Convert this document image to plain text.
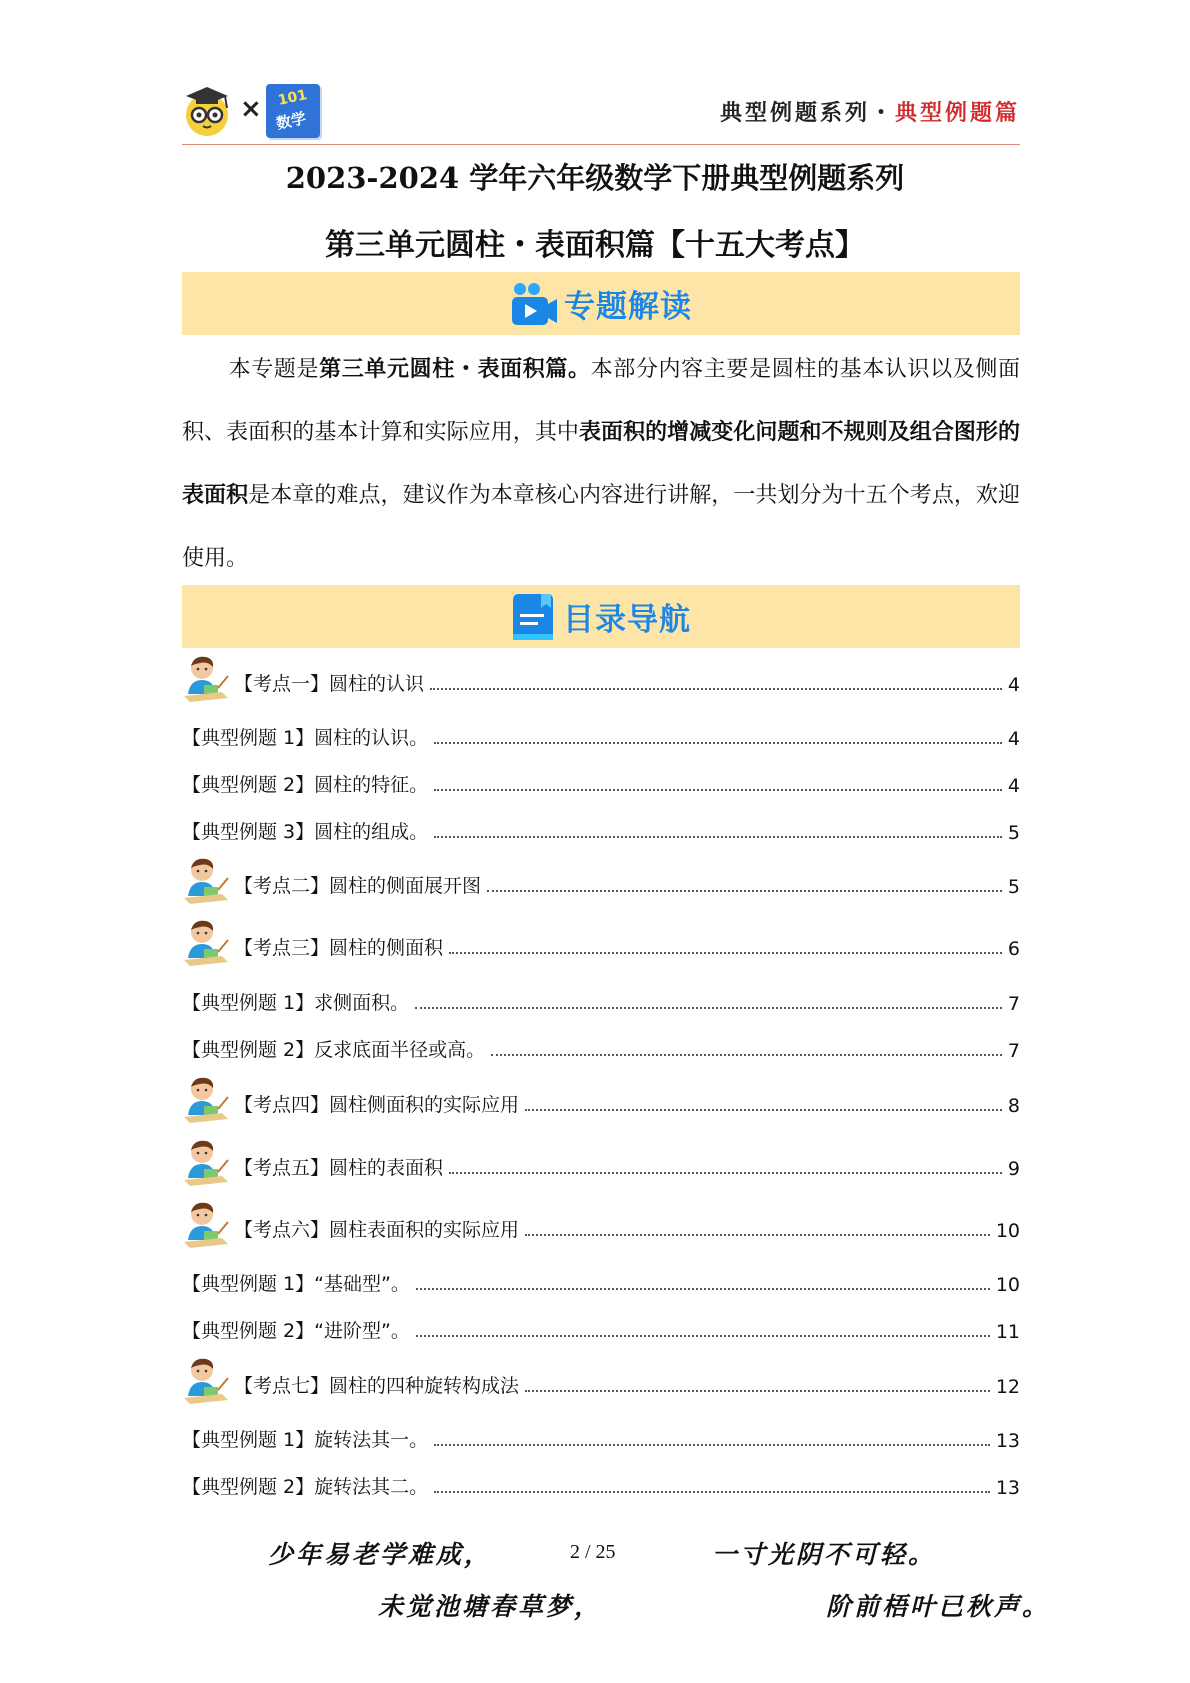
× 101
数学	典型例题系列・典型例题篇
2023-2024 学年六年级数学下册典型例题系列
第三单元圆柱・表面积篇【十五大考点】
专题解读
本专题是第三单元圆柱・表面积篇。本部分内容主要是圆柱的基本认识以及侧面积、表面积的基本计算和实际应用，其中表面积的增减变化问题和不规则及组合图形的表面积是本章的难点，建议作为本章核心内容进行讲解，一共划分为十五个考点，欢迎使用。
目录导航
【考点一】圆柱的认识	4
【典型例题 1】圆柱的认识。	4
【典型例题 2】圆柱的特征。	4
【典型例题 3】圆柱的组成。	5
【考点二】圆柱的侧面展开图	5
【考点三】圆柱的侧面积	6
【典型例题 1】求侧面积。	7
【典型例题 2】反求底面半径或高。	7
【考点四】圆柱侧面积的实际应用	8
【考点五】圆柱的表面积	9
【考点六】圆柱表面积的实际应用	10
【典型例题 1】“基础型”。	10
【典型例题 2】“进阶型”。	11
【考点七】圆柱的四种旋转构成法	12
【典型例题 1】旋转法其一。	13
【典型例题 2】旋转法其二。	13
少年易老学难成，	2 / 25	一寸光阴不可轻。
未觉池塘春草梦，	阶前梧叶已秋声。
